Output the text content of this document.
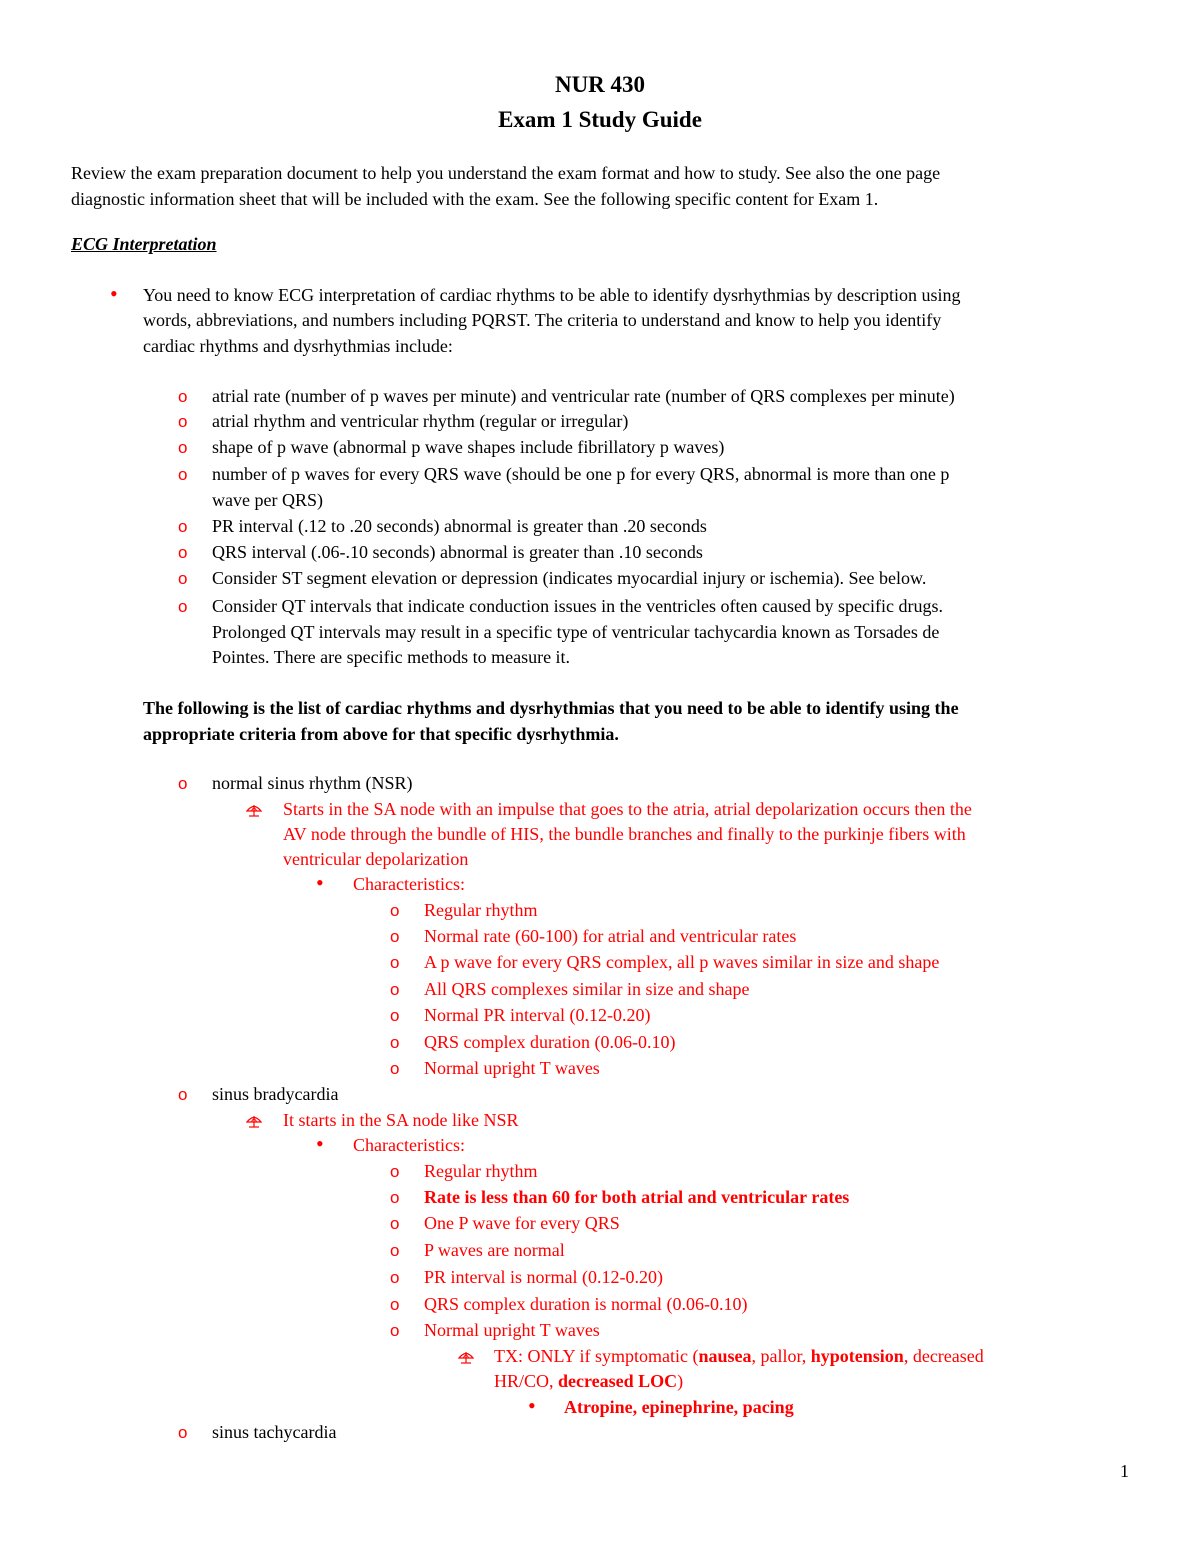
NUR 430
Exam 1 Study Guide
Review the exam preparation document to help you understand the exam format and how to study. See also the one page
diagnostic information sheet that will be included with the exam. See the following specific content for Exam 1.
ECG Interpretation
• You need to know ECG interpretation of cardiac rhythms to be able to identify dysrhythmias by description using
words, abbreviations, and numbers including PQRST. The criteria to understand and know to help you identify
cardiac rhythms and dysrhythmias include:
o atrial rate (number of p waves per minute) and ventricular rate (number of QRS complexes per minute)
o atrial rhythm and ventricular rhythm (regular or irregular)
o shape of p wave (abnormal p wave shapes include fibrillatory p waves)
o number of p waves for every QRS wave (should be one p for every QRS, abnormal is more than one p
wave per QRS)
o PR interval (.12 to .20 seconds) abnormal is greater than .20 seconds
o QRS interval (.06-.10 seconds) abnormal is greater than .10 seconds
o Consider ST segment elevation or depression (indicates myocardial injury or ischemia). See below.
o Consider QT intervals that indicate conduction issues in the ventricles often caused by specific drugs.
Prolonged QT intervals may result in a specific type of ventricular tachycardia known as Torsades de
Pointes. There are specific methods to measure it.
The following is the list of cardiac rhythms and dysrhythmias that you need to be able to identify using the
appropriate criteria from above for that specific dysrhythmia.
o normal sinus rhythm (NSR)
Starts in the SA node with an impulse that goes to the atria, atrial depolarization occurs then the
AV node through the bundle of HIS, the bundle branches and finally to the purkinje fibers with
ventricular depolarization
• Characteristics:
o Regular rhythm
o Normal rate (60-100) for atrial and ventricular rates
o A p wave for every QRS complex, all p waves similar in size and shape
o All QRS complexes similar in size and shape
o Normal PR interval (0.12-0.20)
o QRS complex duration (0.06-0.10)
o Normal upright T waves
o sinus bradycardia
It starts in the SA node like NSR
• Characteristics:
o Regular rhythm
o Rate is less than 60 for both atrial and ventricular rates
o One P wave for every QRS
o P waves are normal
o PR interval is normal (0.12-0.20)
o QRS complex duration is normal (0.06-0.10)
o Normal upright T waves
TX: ONLY if symptomatic (nausea, pallor, hypotension, decreased
HR/CO, decreased LOC)
• Atropine, epinephrine, pacing
o sinus tachycardia
1
